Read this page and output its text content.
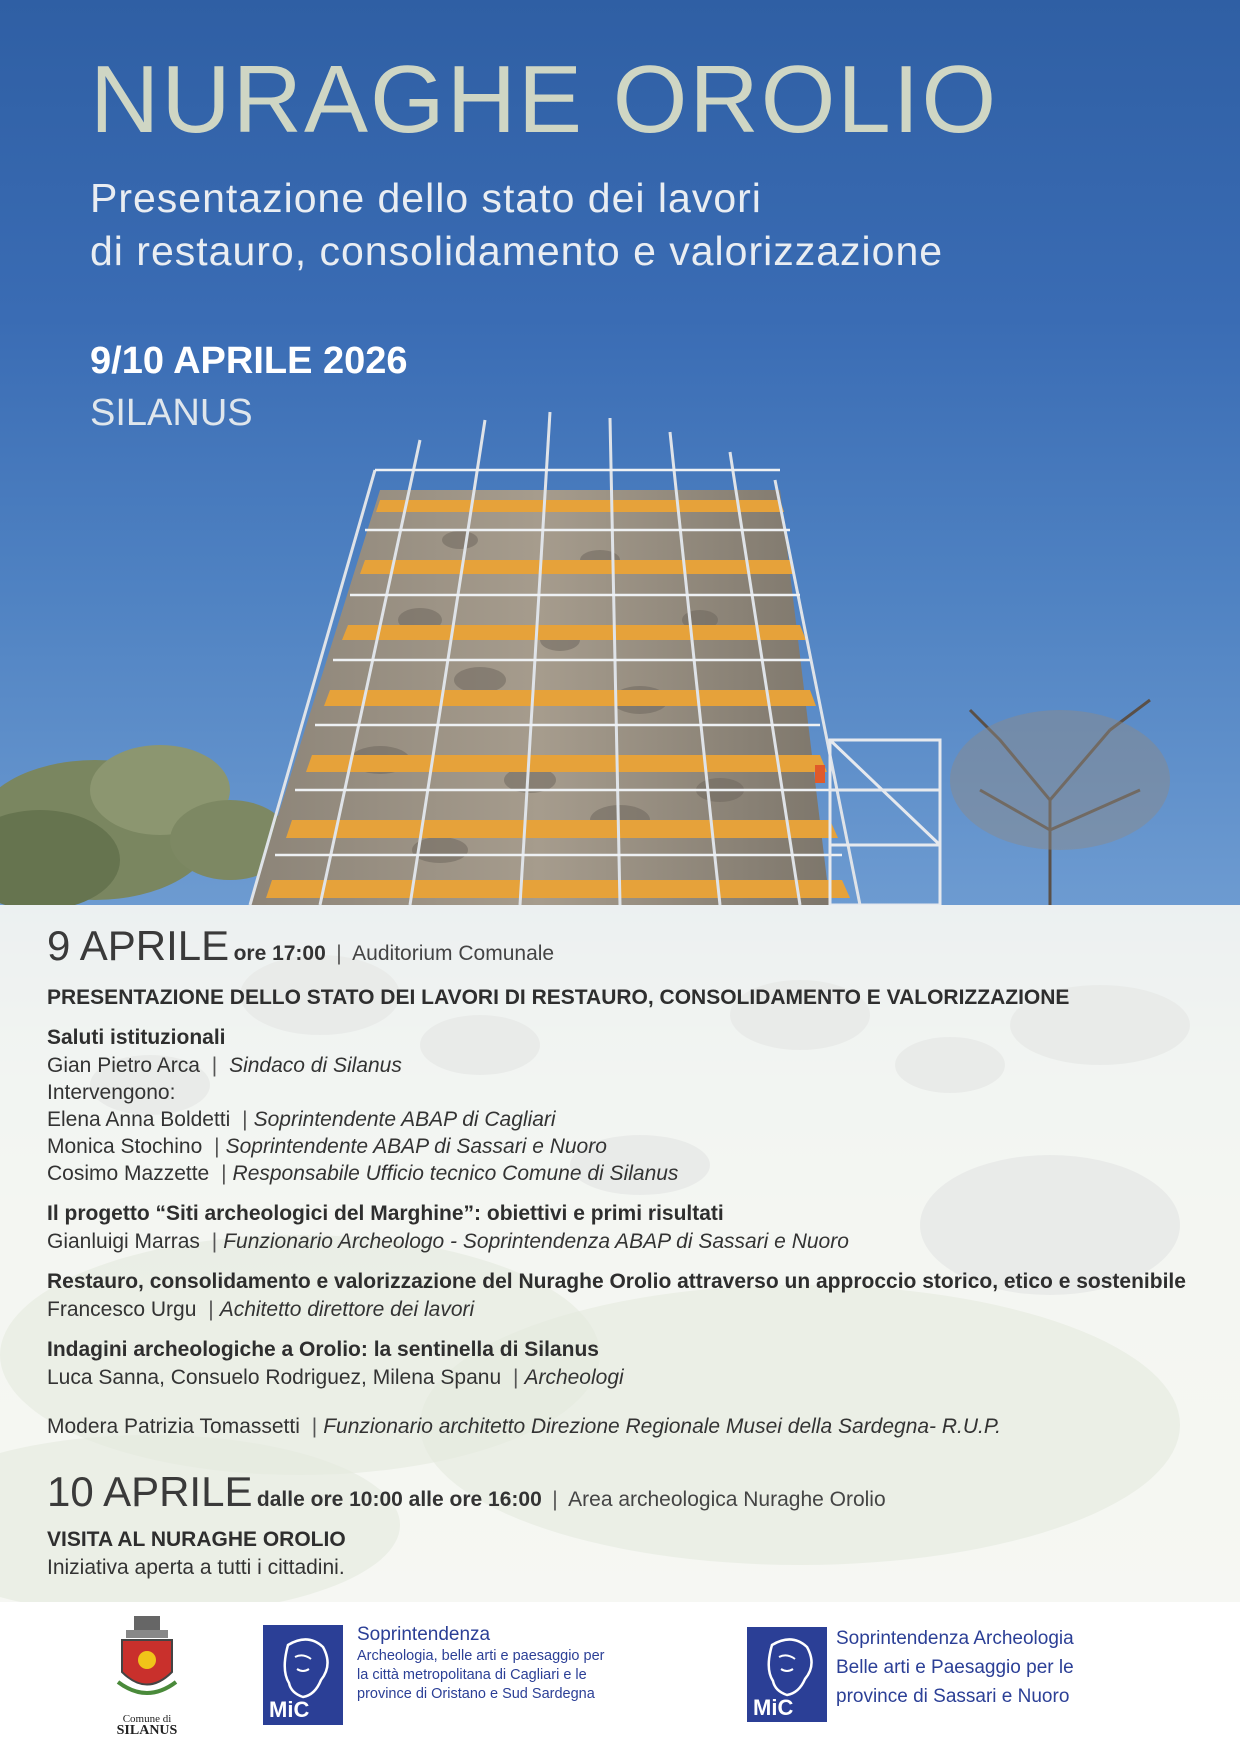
NURAGHE OROLIO
Presentazione dello stato dei lavori
di restauro, consolidamento e valorizzazione
9/10 APRILE 2026
SILANUS
9 APRILE ore 17:00 | Auditorium Comunale
PRESENTAZIONE DELLO STATO DEI LAVORI DI RESTAURO, CONSOLIDAMENTO E VALORIZZAZIONE
Saluti istituzionali
Gian Pietro Arca | Sindaco di Silanus
Intervengono:
Elena Anna Boldetti | Soprintendente ABAP di Cagliari
Monica Stochino | Soprintendente ABAP di Sassari e Nuoro
Cosimo Mazzette | Responsabile Ufficio tecnico Comune di Silanus
Il progetto “Siti archeologici del Marghine”: obiettivi e primi risultati
Gianluigi Marras | Funzionario Archeologo - Soprintendenza ABAP di Sassari e Nuoro
Restauro, consolidamento e valorizzazione del Nuraghe Orolio attraverso un approccio storico, etico e sostenibile
Francesco Urgu | Achitetto direttore dei lavori
Indagini archeologiche a Orolio: la sentinella di Silanus
Luca Sanna, Consuelo Rodriguez, Milena Spanu | Archeologi
Modera Patrizia Tomassetti | Funzionario architetto Direzione Regionale Musei della Sardegna- R.U.P.
10 APRILE dalle ore 10:00 alle ore 16:00 | Area archeologica Nuraghe Orolio
VISITA AL NURAGHE OROLIO
Iniziativa aperta a tutti i cittadini.
Comune di
SILANUS
MiC
Soprintendenza
Archeologia, belle arti e paesaggio per
la città metropolitana di Cagliari e le
province di Oristano e Sud Sardegna
MiC
Soprintendenza Archeologia
Belle arti e Paesaggio per le
province di Sassari e Nuoro
